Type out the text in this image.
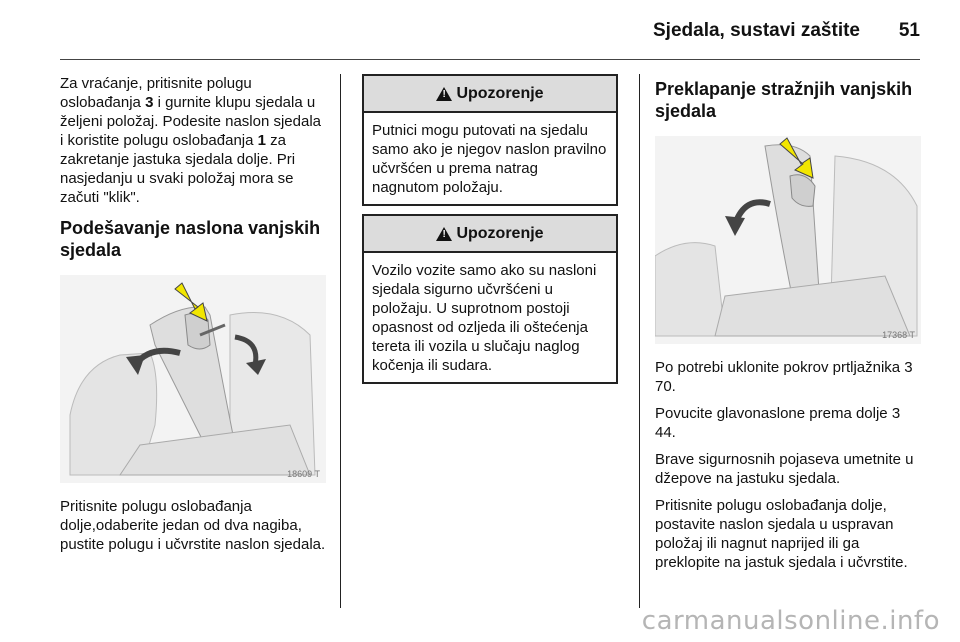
Sjedala, sustavi zaštite 51

Za vraćanje, pritisnite polugu oslobađanja 3 i gurnite klupu sjedala u željeni položaj. Podesite naslon sjedala i koristite polugu oslobađanja 1 za zakretanje jastuka sjedala dolje. Pri nasjedanju u svaki položaj mora se začuti "klik".

Podešavanje naslona vanjskih sjedala
18609 T

Pritisnite polugu oslobađanja dolje,odaberite jedan od dva nagiba, pustite polugu i učvrstite naslon sjedala.

!
Upozorenje
Putnici mogu putovati na sjedalu samo ako je njegov naslon pravilno učvršćen u prema natrag nagnutom položaju.
!
Upozorenje
Vozilo vozite samo ako su nasloni sjedala sigurno učvršćeni u položaju. U suprotnom postoji opasnost od ozljeda ili oštećenja tereta ili vozila u slučaju naglog kočenja ili sudara.
Preklapanje stražnjih vanjskih sjedala
17368 T

Po potrebi uklonite pokrov prtljažnika 3 70.

Povucite glavonaslone prema dolje 3 44.

Brave sigurnosnih pojaseva umetnite u džepove na jastuku sjedala.

Pritisnite polugu oslobađanja dolje, postavite naslon sjedala u uspravan položaj ili nagnut naprijed ili ga preklopite na jastuk sjedala i učvrstite.

carmanualsonline.info
